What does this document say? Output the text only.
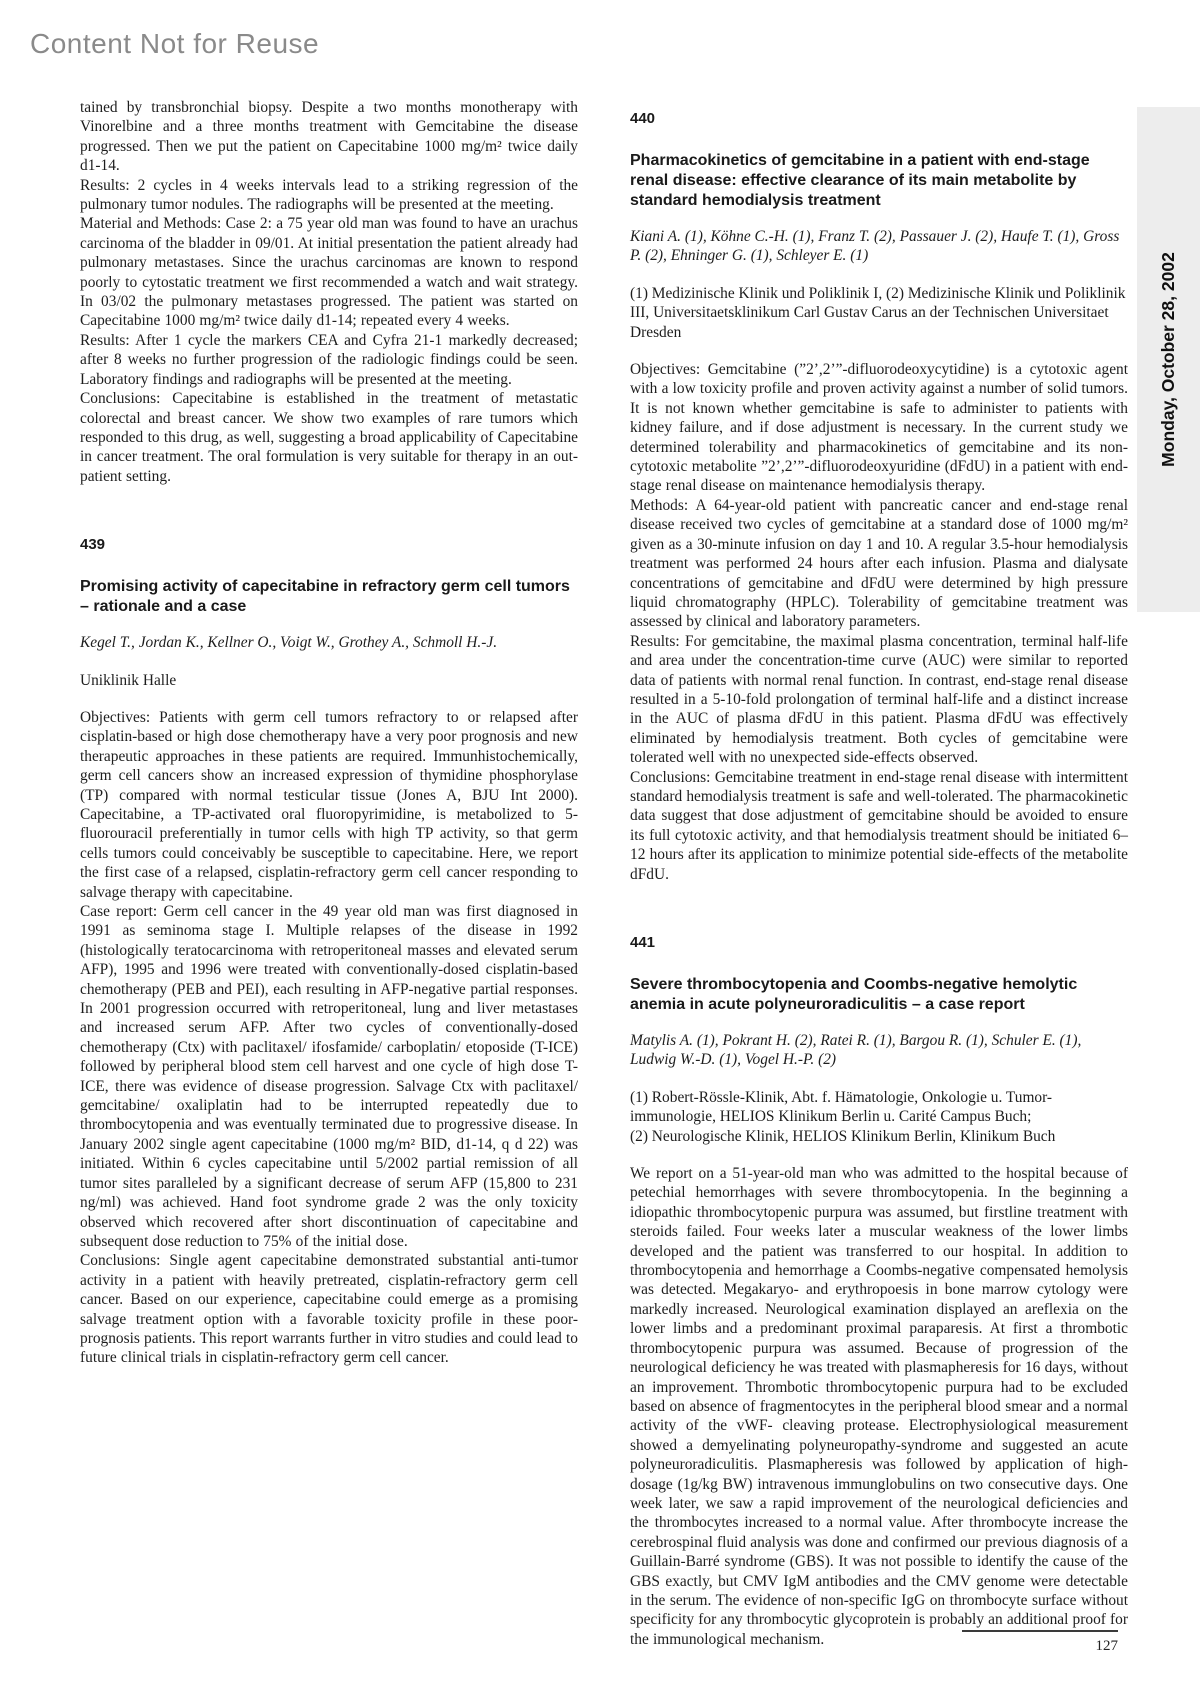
Content Not for Reuse

tained by transbronchial biopsy. Despite a two months monotherapy with Vinorelbine and a three months treatment with Gemcitabine the disease progressed. Then we put the patient on Capecitabine 1000 mg/m² twice daily d1-14.

Results: 2 cycles in 4 weeks intervals lead to a striking regression of the pulmonary tumor nodules. The radiographs will be presented at the meeting.

Material and Methods: Case 2: a 75 year old man was found to have an urachus carcinoma of the bladder in 09/01. At initial presentation the patient already had pulmonary metastases. Since the urachus carcinomas are known to respond poorly to cytostatic treatment we first recommended a watch and wait strategy. In 03/02 the pulmonary metastases progressed. The patient was started on Capecitabine 1000 mg/m² twice daily d1-14; repeated every 4 weeks.

Results: After 1 cycle the markers CEA and Cyfra 21-1 markedly decreased; after 8 weeks no further progression of the radiologic findings could be seen. Laboratory findings and radiographs will be presented at the meeting.

Conclusions: Capecitabine is established in the treatment of metastatic colorectal and breast cancer. We show two examples of rare tumors which responded to this drug, as well, suggesting a broad applicability of Capecitabine in cancer treatment. The oral formulation is very suitable for therapy in an out-patient setting.

439
Promising activity of capecitabine in refractory germ cell tumors – rationale and a case

Kegel T., Jordan K., Kellner O., Voigt W., Grothey A., Schmoll H.-J.

Uniklinik Halle

Objectives: Patients with germ cell tumors refractory to or relapsed after cisplatin-based or high dose chemotherapy have a very poor prognosis and new therapeutic approaches in these patients are required. Immunhistochemically, germ cell cancers show an increased expression of thymidine phosphorylase (TP) compared with normal testicular tissue (Jones A, BJU Int 2000). Capecitabine, a TP-activated oral fluoropyrimidine, is metabolized to 5-fluorouracil preferentially in tumor cells with high TP activity, so that germ cells tumors could conceivably be susceptible to capecitabine. Here, we report the first case of a relapsed, cisplatin-refractory germ cell cancer responding to salvage therapy with capecitabine.

Case report: Germ cell cancer in the 49 year old man was first diagnosed in 1991 as seminoma stage I. Multiple relapses of the disease in 1992 (histologically teratocarcinoma with retroperitoneal masses and elevated serum AFP), 1995 and 1996 were treated with conventionally-dosed cisplatin-based chemotherapy (PEB and PEI), each resulting in AFP-negative partial responses. In 2001 progression occurred with retroperitoneal, lung and liver metastases and increased serum AFP. After two cycles of conventionally-dosed chemotherapy (Ctx) with paclitaxel/ ifosfamide/ carboplatin/ etoposide (T-ICE) followed by peripheral blood stem cell harvest and one cycle of high dose T-ICE, there was evidence of disease progression. Salvage Ctx with paclitaxel/ gemcitabine/ oxaliplatin had to be interrupted repeatedly due to thrombocytopenia and was eventually terminated due to progressive disease. In January 2002 single agent capecitabine (1000 mg/m² BID, d1-14, q d 22) was initiated. Within 6 cycles capecitabine until 5/2002 partial remission of all tumor sites paralleled by a significant decrease of serum AFP (15,800 to 231 ng/ml) was achieved. Hand foot syndrome grade 2 was the only toxicity observed which recovered after short discontinuation of capecitabine and subsequent dose reduction to 75% of the initial dose.

Conclusions: Single agent capecitabine demonstrated substantial anti-tumor activity in a patient with heavily pretreated, cisplatin-refractory germ cell cancer. Based on our experience, capecitabine could emerge as a promising salvage treatment option with a favorable toxicity profile in these poor-prognosis patients. This report warrants further in vitro studies and could lead to future clinical trials in cisplatin-refractory germ cell cancer.

440
Pharmacokinetics of gemcitabine in a patient with end-stage renal disease: effective clearance of its main metabolite by standard hemodialysis treatment

Kiani A. (1), Köhne C.-H. (1), Franz T. (2), Passauer J. (2), Haufe T. (1), Gross P. (2), Ehninger G. (1), Schleyer E. (1)

(1) Medizinische Klinik und Poliklinik I, (2) Medizinische Klinik und Poliklinik III, Universitaetsklinikum Carl Gustav Carus an der Technischen Universitaet Dresden

Objectives: Gemcitabine (”2’,2’”-difluorodeoxycytidine) is a cytotoxic agent with a low toxicity profile and proven activity against a number of solid tumors. It is not known whether gemcitabine is safe to administer to patients with kidney failure, and if dose adjustment is necessary. In the current study we determined tolerability and pharmacokinetics of gemcitabine and its non-cytotoxic metabolite ”2’,2’”-difluorodeoxyuridine (dFdU) in a patient with end-stage renal disease on maintenance hemodialysis therapy.

Methods: A 64-year-old patient with pancreatic cancer and end-stage renal disease received two cycles of gemcitabine at a standard dose of 1000 mg/m² given as a 30-minute infusion on day 1 and 10. A regular 3.5-hour hemodialysis treatment was performed 24 hours after each infusion. Plasma and dialysate concentrations of gemcitabine and dFdU were determined by high pressure liquid chromatography (HPLC). Tolerability of gemcitabine treatment was assessed by clinical and laboratory parameters.

Results: For gemcitabine, the maximal plasma concentration, terminal half-life and area under the concentration-time curve (AUC) were similar to reported data of patients with normal renal function. In contrast, end-stage renal disease resulted in a 5-10-fold prolongation of terminal half-life and a distinct increase in the AUC of plasma dFdU in this patient. Plasma dFdU was effectively eliminated by hemodialysis treatment. Both cycles of gemcitabine were tolerated well with no unexpected side-effects observed.

Conclusions: Gemcitabine treatment in end-stage renal disease with intermittent standard hemodialysis treatment is safe and well-tolerated. The pharmacokinetic data suggest that dose adjustment of gemcitabine should be avoided to ensure its full cytotoxic activity, and that hemodialysis treatment should be initiated 6–12 hours after its application to minimize potential side-effects of the metabolite dFdU.

441
Severe thrombocytopenia and Coombs-negative hemolytic anemia in acute polyneuroradiculitis – a case report

Matylis A. (1), Pokrant H. (2), Ratei R. (1), Bargou R. (1), Schuler E. (1), Ludwig W.-D. (1), Vogel H.-P. (2)

(1) Robert-Rössle-Klinik, Abt. f. Hämatologie, Onkologie u. Tumor-immunologie, HELIOS Klinikum Berlin u. Carité Campus Buch;

(2) Neurologische Klinik, HELIOS Klinikum Berlin, Klinikum Buch

We report on a 51-year-old man who was admitted to the hospital because of petechial hemorrhages with severe thrombocytopenia. In the beginning a idiopathic thrombocytopenic purpura was assumed, but firstline treatment with steroids failed. Four weeks later a muscular weakness of the lower limbs developed and the patient was transferred to our hospital. In addition to thrombocytopenia and hemorrhage a Coombs-negative compensated hemolysis was detected. Megakaryo- and erythropoesis in bone marrow cytology were markedly increased. Neurological examination displayed an areflexia on the lower limbs and a predominant proximal paraparesis. At first a thrombotic thrombocytopenic purpura was assumed. Because of progression of the neurological deficiency he was treated with plasmapheresis for 16 days, without an improvement. Thrombotic thrombocytopenic purpura had to be excluded based on absence of fragmentocytes in the peripheral blood smear and a normal activity of the vWF- cleaving protease. Electrophysiological measurement showed a demyelinating polyneuropathy-syndrome and suggested an acute polyneuroradiculitis. Plasmapheresis was followed by application of high-dosage (1g/kg BW) intravenous immunglobulins on two consecutive days. One week later, we saw a rapid improvement of the neurological deficiencies and the thrombocytes increased to a normal value. After thrombocyte increase the cerebrospinal fluid analysis was done and confirmed our previous diagnosis of a Guillain-Barré syndrome (GBS). It was not possible to identify the cause of the GBS exactly, but CMV IgM antibodies and the CMV genome were detectable in the serum. The evidence of non-specific IgG on thrombocyte surface without specificity for any thrombocytic glycoprotein is probably an additional proof for the immunological mechanism.

Monday, October 28, 2002
127
